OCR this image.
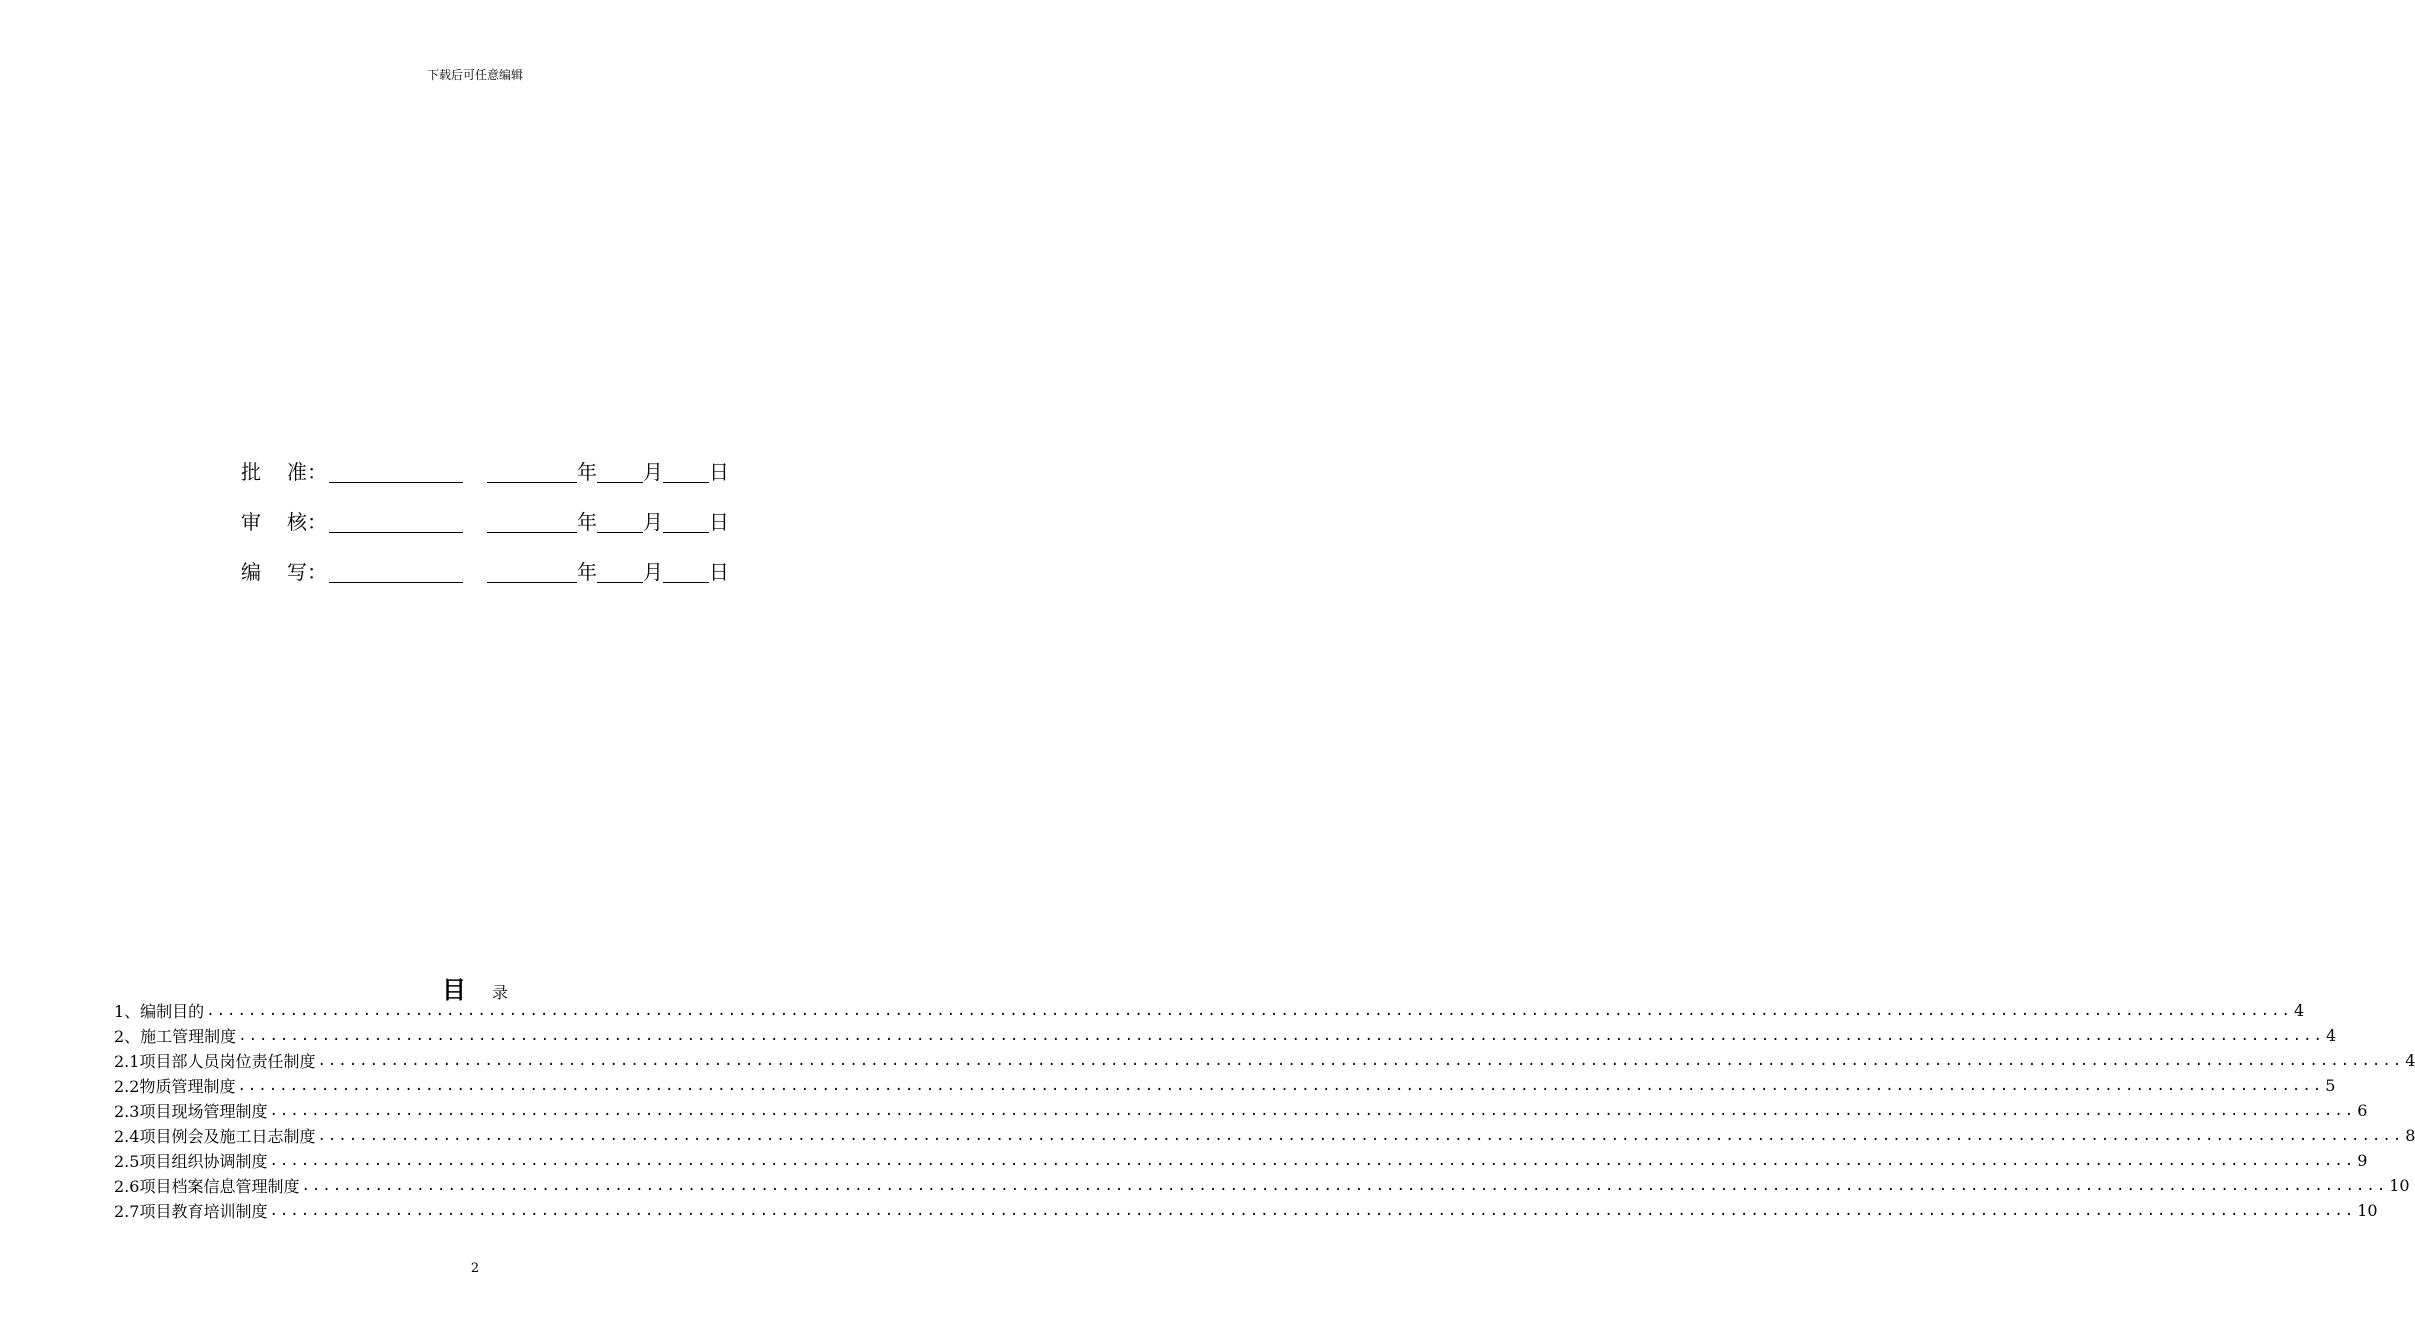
下载后可任意编辑
批 准：	年 月 日
审 核：	年 月 日
编 写：	年 月 日
目 录
1、编制目的 ........................................................................................................................................................................................................ 4
2、施工管理制度 ........................................................................................................................................................................................................ 4
2.1项目部人员岗位责任制度 ........................................................................................................................................................................................................ 4
2.2物质管理制度 ........................................................................................................................................................................................................ 5
2.3项目现场管理制度 ........................................................................................................................................................................................................ 6
2.4项目例会及施工日志制度 ........................................................................................................................................................................................................ 8
2.5项目组织协调制度 ........................................................................................................................................................................................................ 9
2.6项目档案信息管理制度 ........................................................................................................................................................................................................ 10
2.7项目教育培训制度 ........................................................................................................................................................................................................ 10
2
